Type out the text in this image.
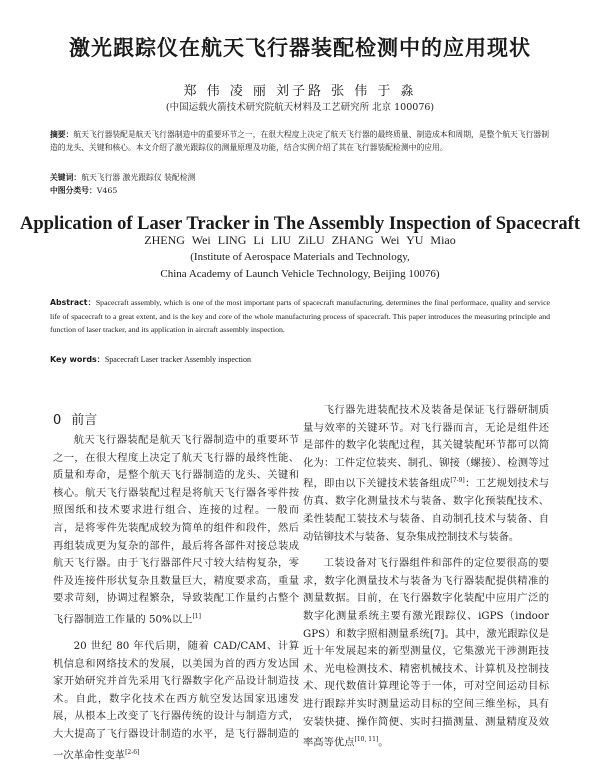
激光跟踪仪在航天飞行器装配检测中的应用现状
郑 伟 凌 丽 刘子路 张 伟 于 淼
(中国运载火箭技术研究院航天材料及工艺研究所 北京 100076)
摘要：航天飞行器装配是航天飞行器制造中的重要环节之一，在很大程度上决定了航天飞行器的最终质量、制造成本和周期，是整个航天飞行器制造的龙头、关键和核心。本文介绍了激光跟踪仪的测量原理及功能，结合实例介绍了其在飞行器装配检测中的应用。
关键词：航天飞行器 激光跟踪仪 装配检测
中图分类号：V465
Application of Laser Tracker in The Assembly Inspection of Spacecraft
ZHENG Wei LING Li LIU ZiLU ZHANG Wei YU Miao
(Institute of Aerospace Materials and Technology,
China Academy of Launch Vehicle Technology, Beijing 10076)
Abstract：Spacecraft assembly, which is one of the most important parts of spacecraft manufacturing, determines the final performace, quality and service life of spacecraft to a great extent, and is the key and core of the whole manufacturing process of spacecraft. This paper introduces the measuring principle and function of laser tracker, and its application in aircraft assembly inspection.
Key words：Spacecraft Laser tracker Assembly inspection
0 前言

航天飞行器装配是航天飞行器制造中的重要环节之一，在很大程度上决定了航天飞行器的最终性能、质量和寿命，是整个航天飞行器制造的龙头、关键和核心。航天飞行器装配过程是将航天飞行器各零件按照图纸和技术要求进行组合、连接的过程。一般而言，是将零件先装配成较为简单的组件和段件，然后再组装成更为复杂的部件，最后将各部件对接总装成航天飞行器。由于飞行器部件尺寸较大结构复杂，零件及连接件形状复杂且数量巨大，精度要求高，重量要求苛刻，协调过程繁杂，导致装配工作量约占整个飞行器制造工作量的 50%以上[1]

20 世纪 80 年代后期，随着 CAD/CAM、计算机信息和网络技术的发展，以美国为首的西方发达国家开始研究并首先采用飞行器数字化产品设计制造技术。自此，数字化技术在西方航空发达国家迅速发展，从根本上改变了飞行器传统的设计与制造方式，大大提高了飞行器设计制造的水平，是飞行器制造的一次革命性变革[2-6]

飞行器先进装配技术及装备是保证飞行器研制质量与效率的关键环节。对飞行器而言，无论是组件还是部件的数字化装配过程，其关键装配环节都可以简化为：工件定位装夹、制孔、铆接（螺接）、检测等过程，即由以下关键技术装备组成[7-9]：工艺规划技术与仿真、数字化测量技术与装备、数字化预装配技术、柔性装配工装技术与装备、自动制孔技术与装备、自动钻铆技术与装备、复杂集成控制技术与装备。

工装设备对飞行器组件和部件的定位要很高的要求，数字化测量技术与装备为飞行器装配提供精准的测量数据。目前，在飞行器数字化装配中应用广泛的数字化测量系统主要有激光跟踪仪、iGPS（indoor GPS）和数字照相测量系统[7]。其中，激光跟踪仪是近十年发展起来的新型测量仪，它集激光干涉测距技术、光电检测技术、精密机械技术、计算机及控制技术、现代数值计算理论等于一体，可对空间运动目标进行跟踪并实时测量运动目标的空间三维坐标，具有安装快捷、操作简便、实时扫描测量、测量精度及效率高等优点[10, 11]。
